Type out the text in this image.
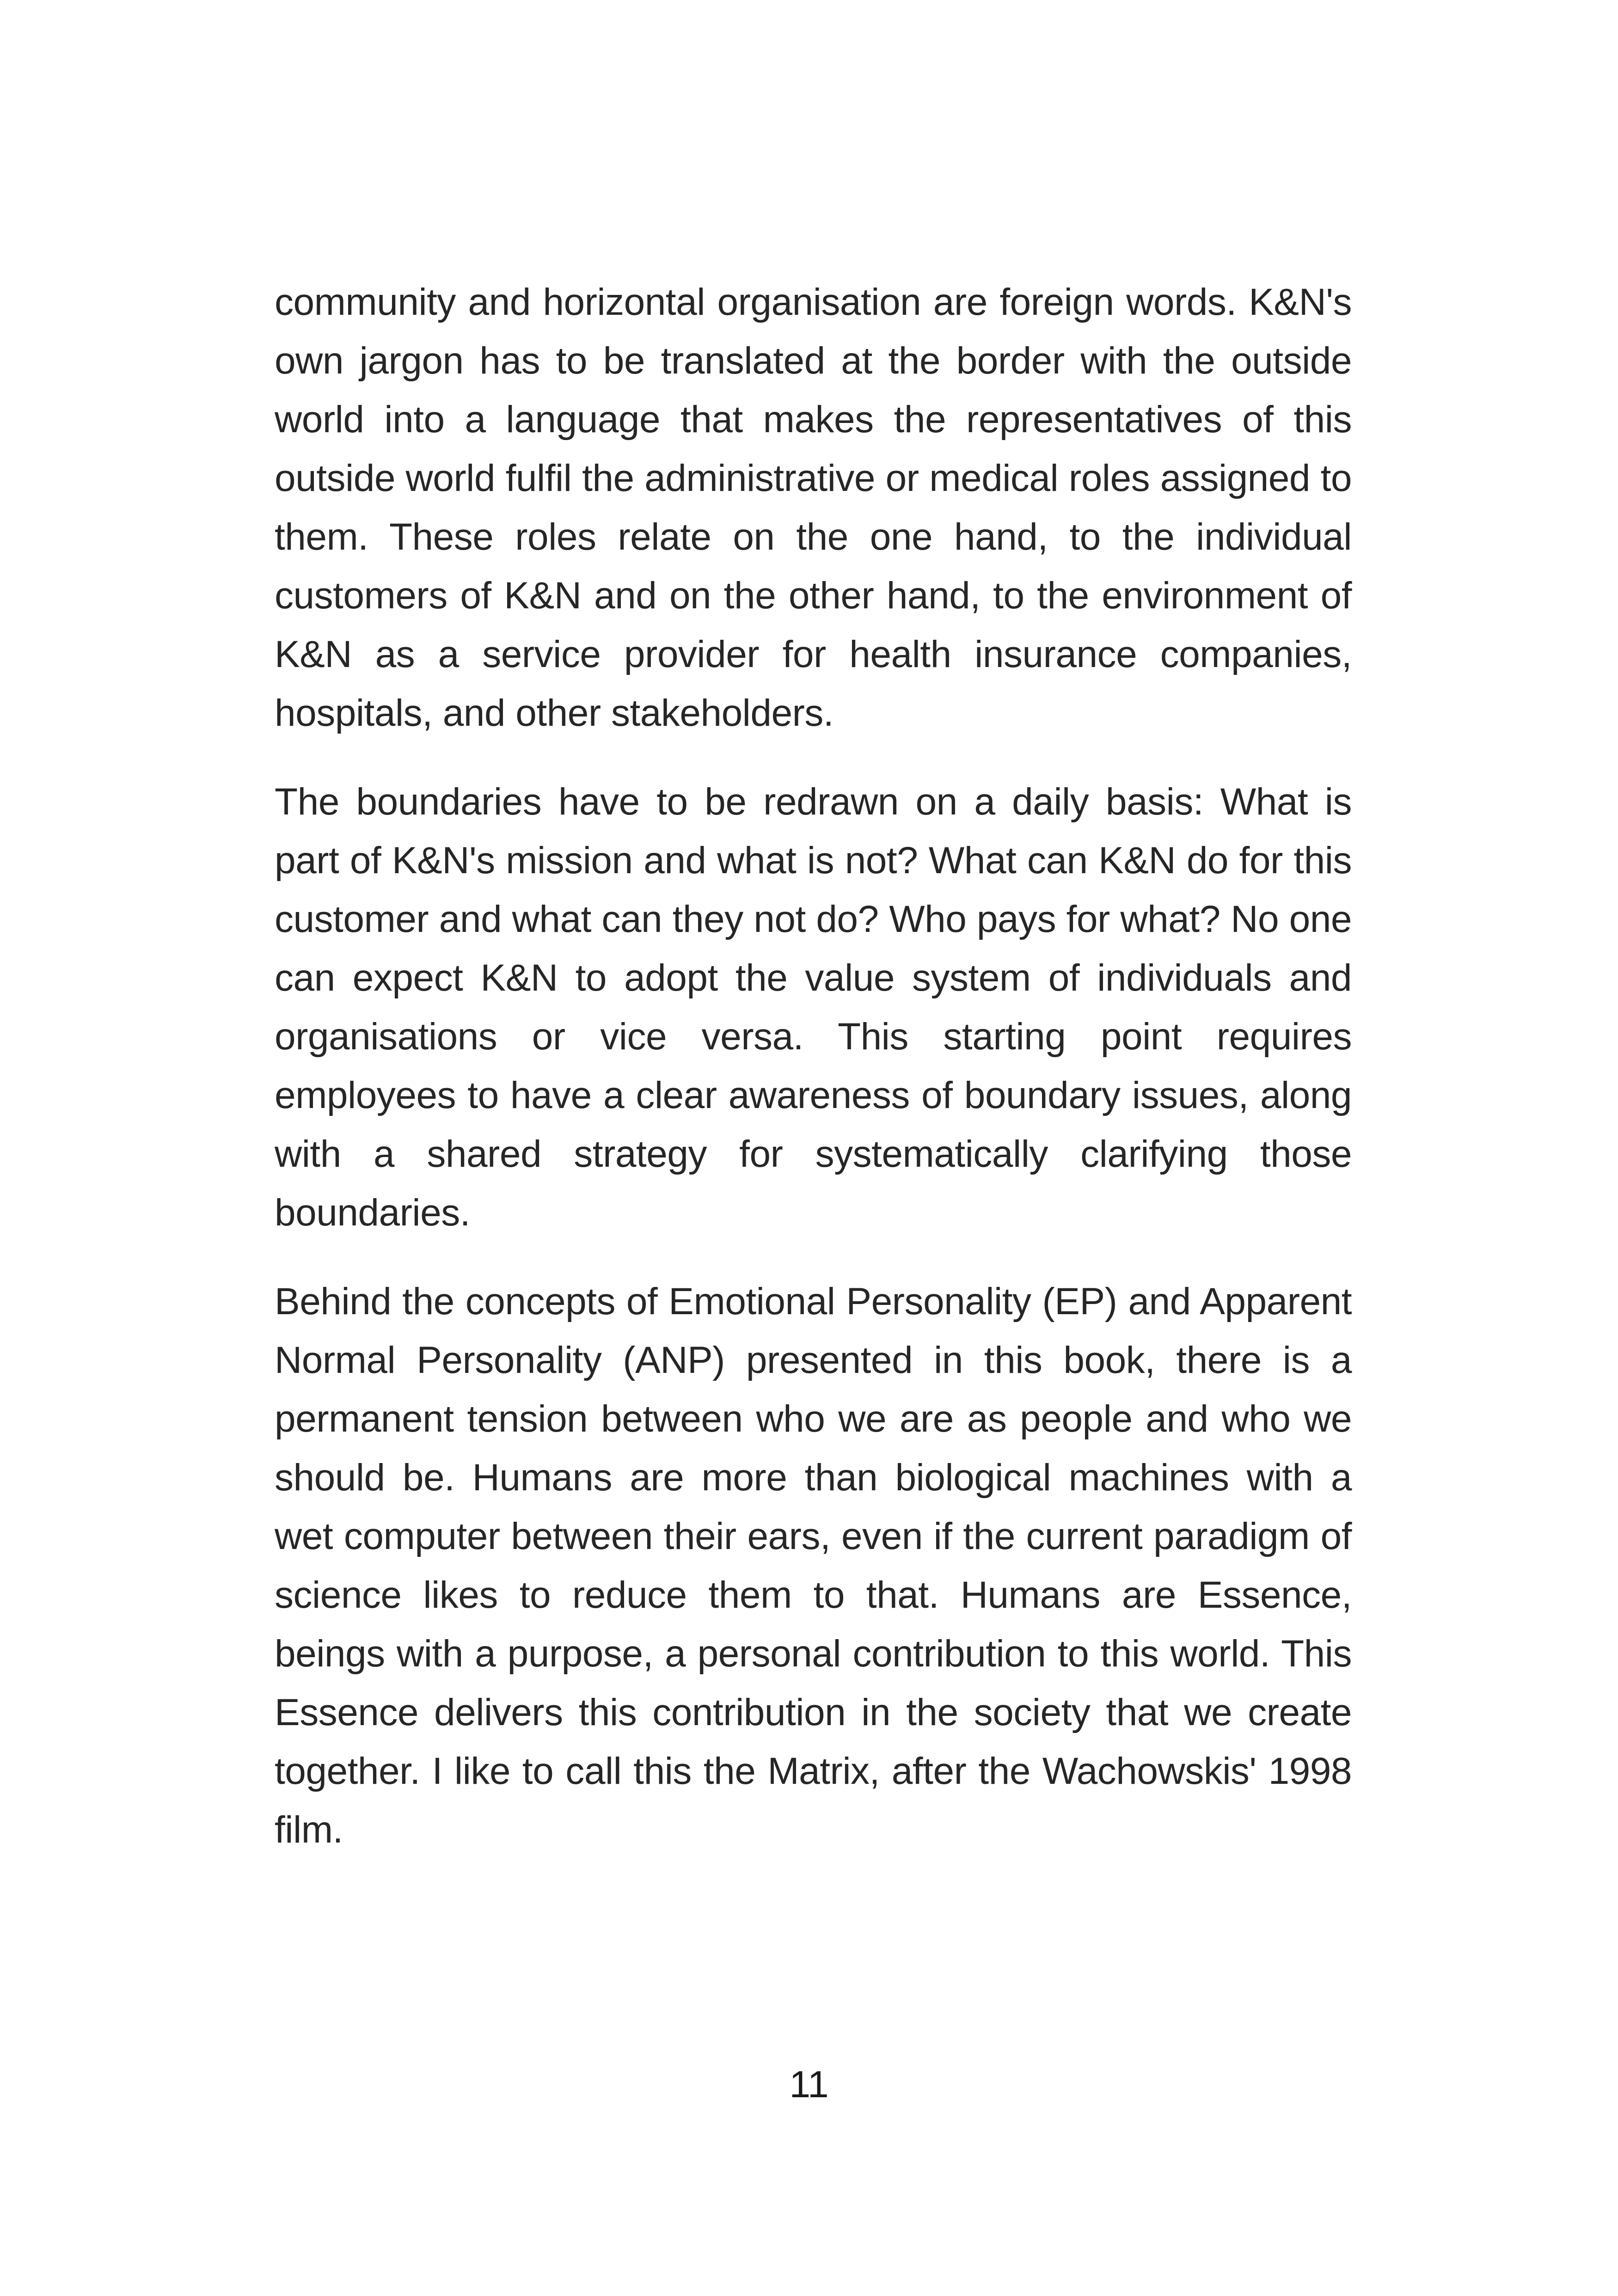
community and horizontal organisation are foreign words. K&N's own jargon has to be translated at the border with the outside world into a language that makes the representatives of this outside world fulfil the administrative or medical roles assigned to them. These roles relate on the one hand, to the individual customers of K&N and on the other hand, to the environment of K&N as a service provider for health insurance companies, hospitals, and other stakeholders.

The boundaries have to be redrawn on a daily basis: What is part of K&N's mission and what is not? What can K&N do for this customer and what can they not do? Who pays for what? No one can expect K&N to adopt the value system of individuals and organisations or vice versa. This starting point requires employees to have a clear awareness of boundary issues, along with a shared strategy for systematically clarifying those boundaries.

Behind the concepts of Emotional Personality (EP) and Apparent Normal Personality (ANP) presented in this book, there is a permanent tension between who we are as people and who we should be. Humans are more than biological machines with a wet computer between their ears, even if the current paradigm of science likes to reduce them to that. Humans are Essence, beings with a purpose, a personal contribution to this world. This Essence delivers this contribution in the society that we create together. I like to call this the Matrix, after the Wachowskis' 1998 film.

11
